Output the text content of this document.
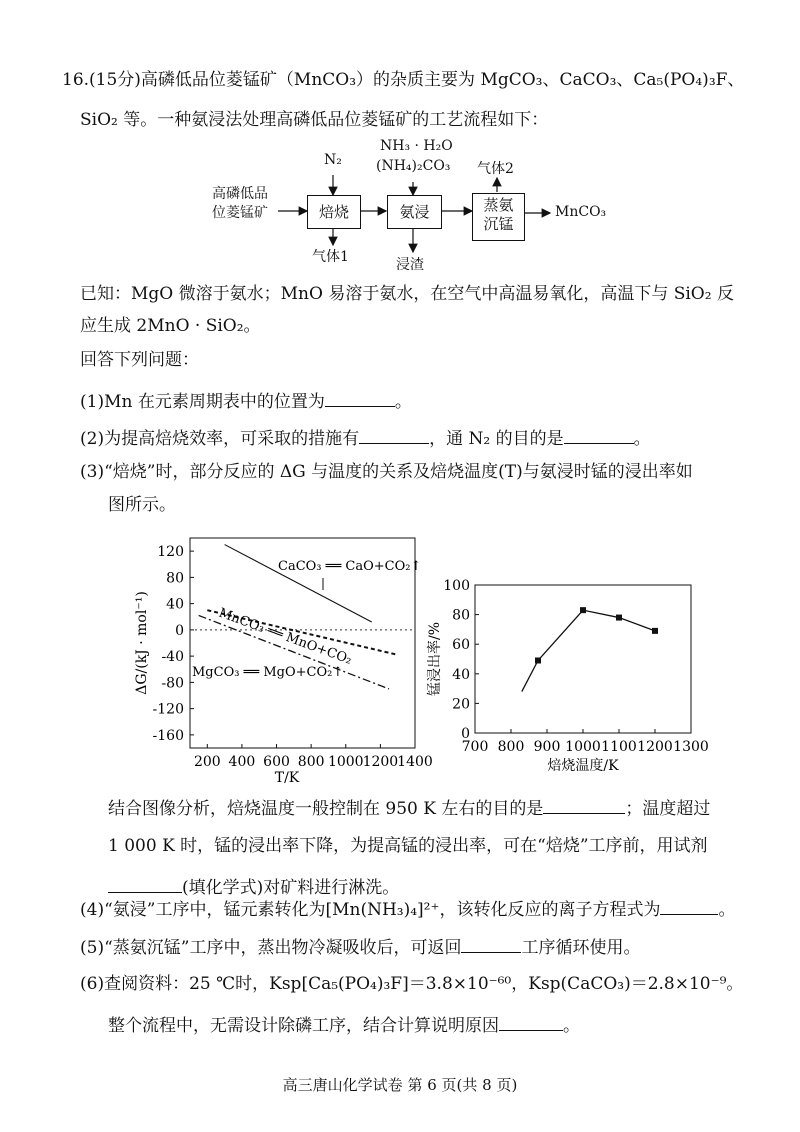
16.(15分)高磷低品位菱锰矿（MnCO₃）的杂质主要为 MgCO₃、CaCO₃、Ca₅(PO₄)₃F、
SiO₂ 等。一种氨浸法处理高磷低品位菱锰矿的工艺流程如下：
高磷低品
位菱锰矿
N₂
NH₃ · H₂O
(NH₄)₂CO₃ 气体2
焙烧	氨浸	蒸氨
沉锰
MnCO₃
气体1	浸渣
已知：MgO 微溶于氨水；MnO 易溶于氨水，在空气中高温易氧化，高温下与 SiO₂ 反
应生成 2MnO · SiO₂。
回答下列问题：
(1)Mn 在元素周期表中的位置为	。
(2)为提高焙烧效率，可采取的措施有	，通 N₂ 的目的是	。
(3)“焙烧”时，部分反应的 ΔG 与温度的关系及焙烧温度(T)与氨浸时锰的浸出率如
图所示。
120
80
40
0
-40
-80
-120
-160
200 400 600 800 1000
1200
1400
CaCO₃ ══ CaO+CO₂↑
MnCO₃ ══ MnO+CO₂
MgCO₃ ══ MgO+CO₂↑
ΔG/(kJ · mol⁻¹)
T/K
0
20
40
60
80
100
700 800 900 1000 1100 1200 1300
锰浸出率/%
焙烧温度/K
结合图像分析，焙烧温度一般控制在 950 K 左右的目的是	；温度超过
1 000 K 时，锰的浸出率下降，为提高锰的浸出率，可在“焙烧”工序前，用试剂
(填化学式)对矿料进行淋洗。
(4)“氨浸”工序中，锰元素转化为[Mn(NH₃)₄]²⁺，该转化反应的离子方程式为	。
(5)“蒸氨沉锰”工序中，蒸出物冷凝吸收后，可返回	工序循环使用。
(6)查阅资料：25 ℃时，Ksp[Ca₅(PO₄)₃F]＝3.8×10⁻⁶⁰，Ksp(CaCO₃)＝2.8×10⁻⁹。
整个流程中，无需设计除磷工序，结合计算说明原因	。
高三唐山化学试卷 第 6 页(共 8 页)
